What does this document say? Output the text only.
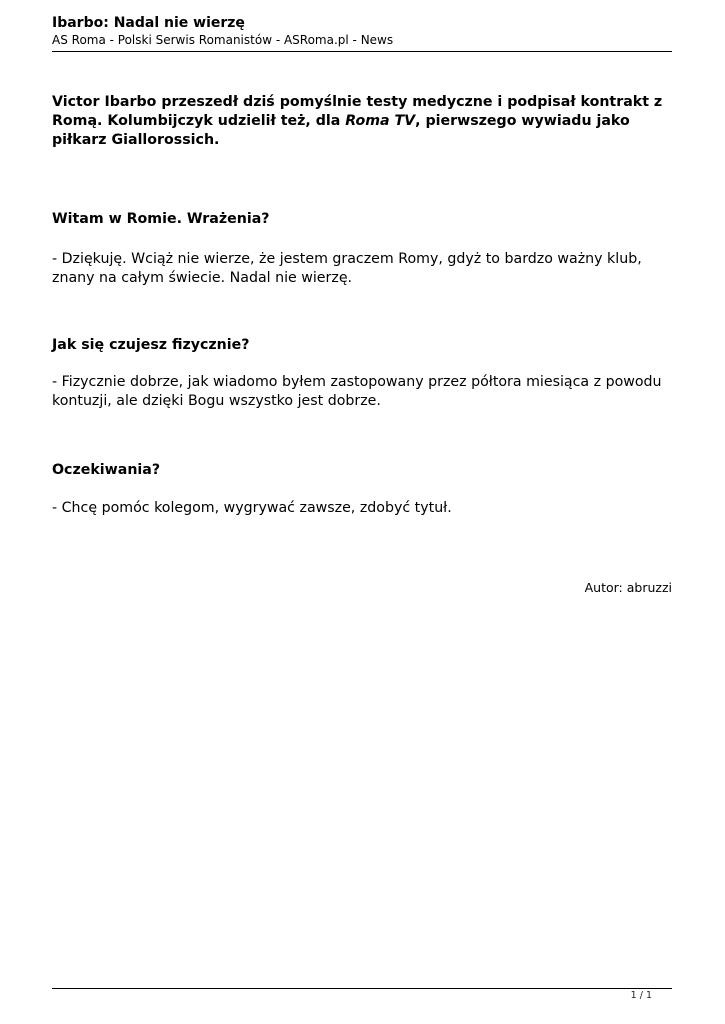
Ibarbo: Nadal nie wierzę

AS Roma - Polski Serwis Romanistów - ASRoma.pl - News

Victor Ibarbo przeszedł dziś pomyślnie testy medyczne i podpisał kontrakt z Romą. Kolumbijczyk udzielił też, dla Roma TV, pierwszego wywiadu jako piłkarz Giallorossich.

Witam w Romie. Wrażenia?

- Dziękuję. Wciąż nie wierze, że jestem graczem Romy, gdyż to bardzo ważny klub, znany na całym świecie. Nadal nie wierzę.

Jak się czujesz fizycznie?

- Fizycznie dobrze, jak wiadomo byłem zastopowany przez półtora miesiąca z powodu kontuzji, ale dzięki Bogu wszystko jest dobrze.

Oczekiwania?

- Chcę pomóc kolegom, wygrywać zawsze, zdobyć tytuł.

Autor: abruzzi
1 / 1
